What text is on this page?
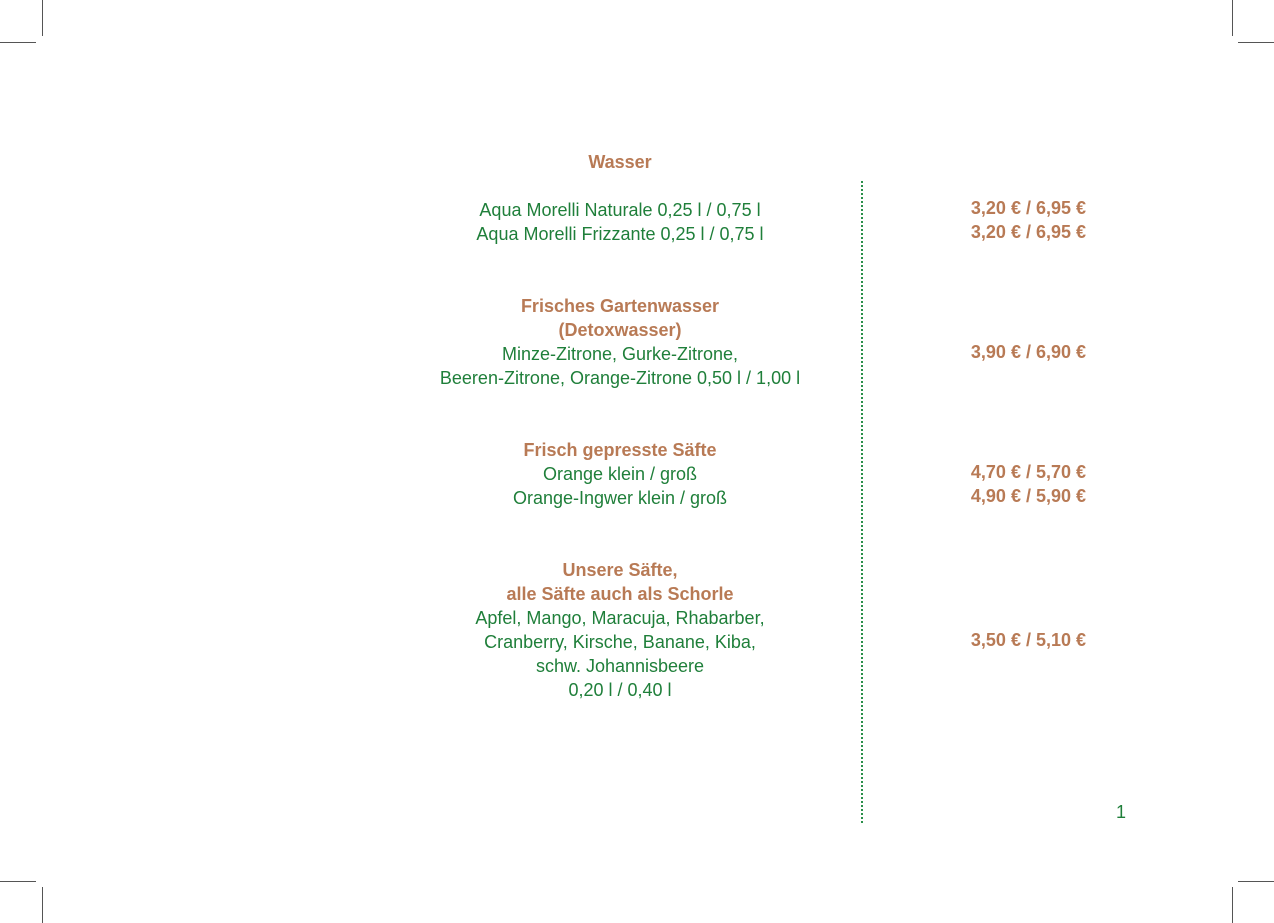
Wasser
Aqua Morelli Naturale 0,25 l / 0,75 l
Aqua Morelli Frizzante 0,25 l / 0,75 l
3,20 € / 6,95 €
3,20 € / 6,95 €
Frisches Gartenwasser
(Detoxwasser)
Minze-Zitrone, Gurke-Zitrone,
Beeren-Zitrone, Orange-Zitrone 0,50 l / 1,00 l
3,90 € / 6,90 €
Frisch gepresste Säfte
Orange klein / groß
Orange-Ingwer klein / groß
4,70 € / 5,70 €
4,90 € / 5,90 €
Unsere Säfte,
alle Säfte auch als Schorle
Apfel, Mango, Maracuja, Rhabarber,
Cranberry, Kirsche, Banane, Kiba,
schw. Johannisbeere
0,20 l / 0,40 l
3,50 € / 5,10 €
1
